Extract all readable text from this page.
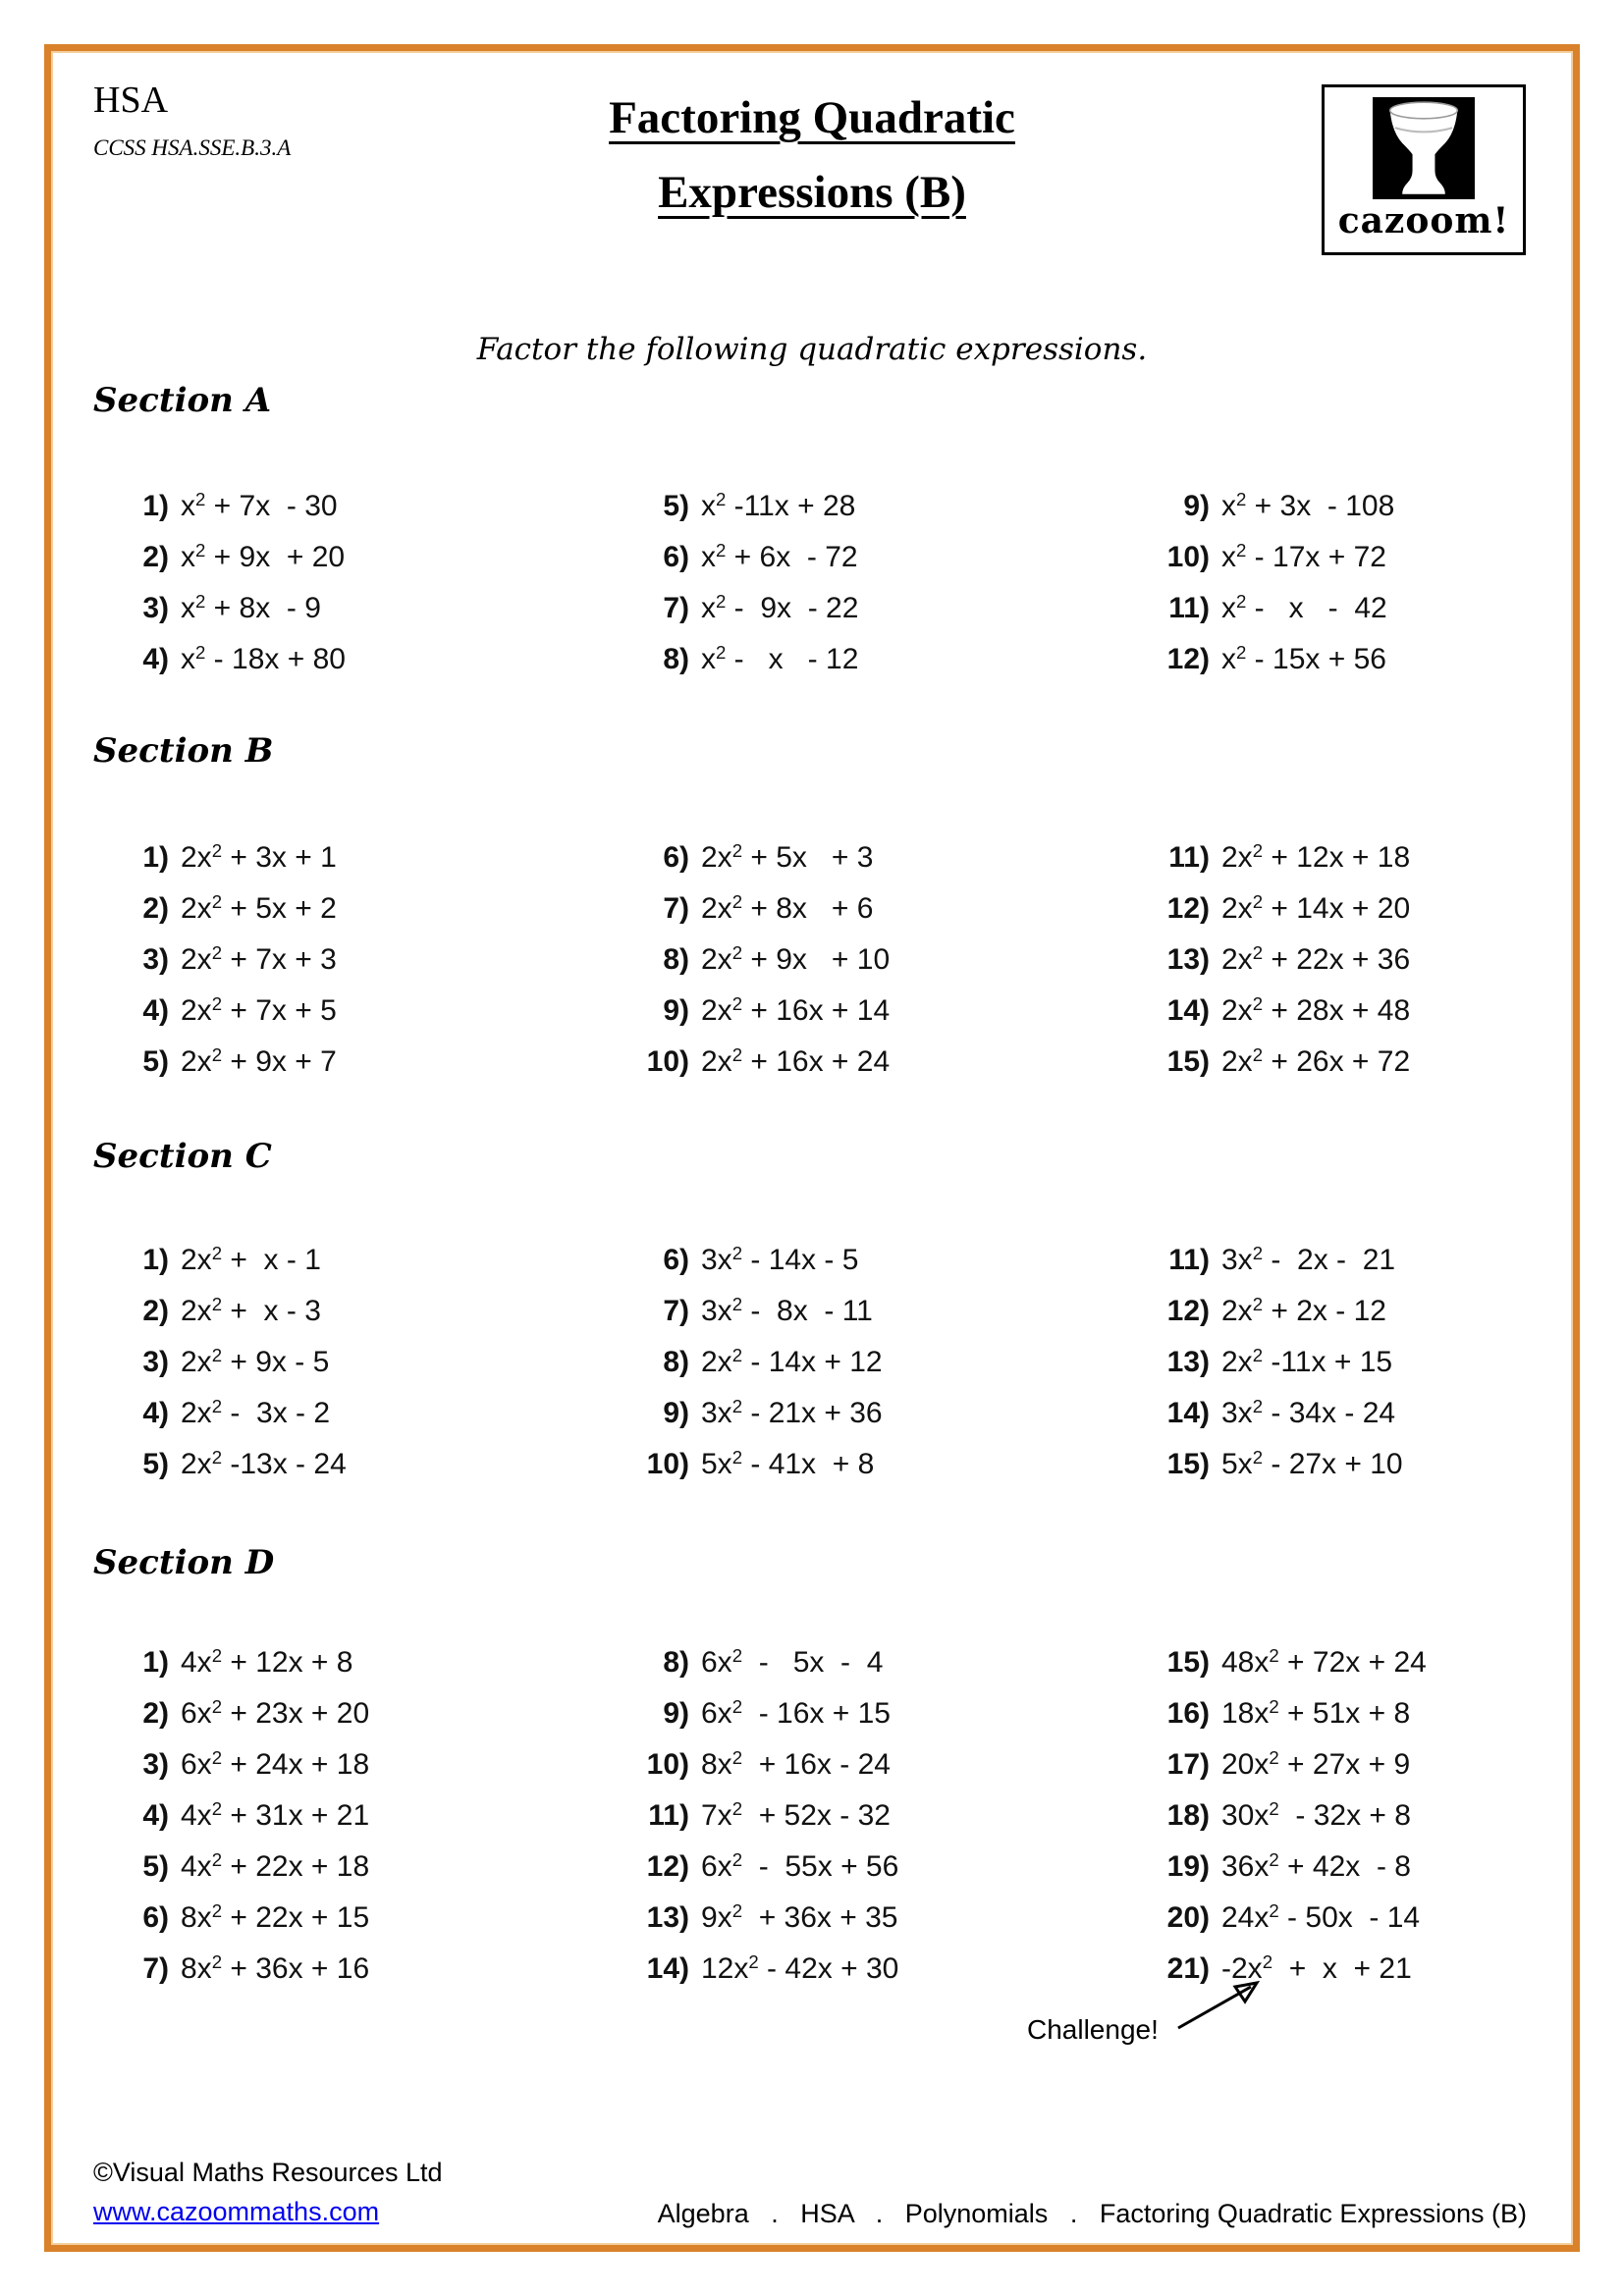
HSA
CCSS HSA.SSE.B.3.A
Factoring Quadratic
Expressions (B)
cazoom!
Factor the following quadratic expressions.
Section A
Section B
Section C
Section D
1) $x^2 + 7x - 30$
2) $x^2 + 9x + 20$
3) $x^2 + 8x - 9$
4) $x^2 - 18x + 80$
5) $x^2$ -11x + 28
6) $x^2 + 6x - 72$
7) $x^2 - 9x - 22$
8) $x^2$ -   x   - 12
9) $x^2 + 3x - 108$
10) $x^2 - 17x + 72$
11) $x^2$ -   x   -  42
12) $x^2 - 15x + 56$
1) $2x^2 + 3x + 1$
2) $2x^2 + 5x + 2$
3) $2x^2 + 7x + 3$
4) $2x^2 + 7x + 5$
5) $2x^2 + 9x + 7$
6) $2x^2 + 5x + 3$
7) $2x^2 + 8x + 6$
8) $2x^2 + 9x + 10$
9) $2x^2 + 16x + 14$
10) $2x^2 + 16x + 24$
11) $2x^2 + 12x + 18$
12) $2x^2 + 14x + 20$
13) $2x^2 + 22x + 36$
14) $2x^2 + 28x + 48$
15) $2x^2 + 26x + 72$
1) $2x^2 + x - 1$
2) $2x^2 + x - 3$
3) $2x^2 + 9x - 5$
4) $2x^2 - 3x - 2$
5) $2x^2$ -13x - 24
6) $3x^2 - 14x - 5$
7) $3x^2 - 8x - 11$
8) $2x^2 - 14x + 12$
9) $3x^2 - 21x + 36$
10) $5x^2 - 41x + 8$
11) $3x^2 - 2x - 21$
12) $2x^2 + 2x - 12$
13) $2x^2$ -11x + 15
14) $3x^2 - 34x - 24$
15) $5x^2 - 27x + 10$
1) $4x^2 + 12x + 8$
2) $6x^2 + 23x + 20$
3) $6x^2 + 24x + 18$
4) $4x^2 + 31x + 21$
5) $4x^2 + 22x + 18$
6) $8x^2 + 22x + 15$
7) $8x^2 + 36x + 16$
8) $6x^2 - 5x - 4$
9) $6x^2 - 16x + 15$
10) $8x^2 + 16x - 24$
11) $7x^2 + 52x - 32$
12) $6x^2 - 55x + 56$
13) $9x^2 + 36x + 35$
14) $12x^2 - 42x + 30$
15) $48x^2 + 72x + 24$
16) $18x^2 + 51x + 8$
17) $20x^2 + 27x + 9$
18) $30x^2 - 32x + 8$
19) $36x^2 + 42x - 8$
20) $24x^2 - 50x - 14$
21) $-2x^2 + x + 21$
Challenge!
©Visual Maths Resources Ltd
www.cazoommaths.com	Algebra   .   HSA   .   Polynomials   .   Factoring Quadratic Expressions (B)
